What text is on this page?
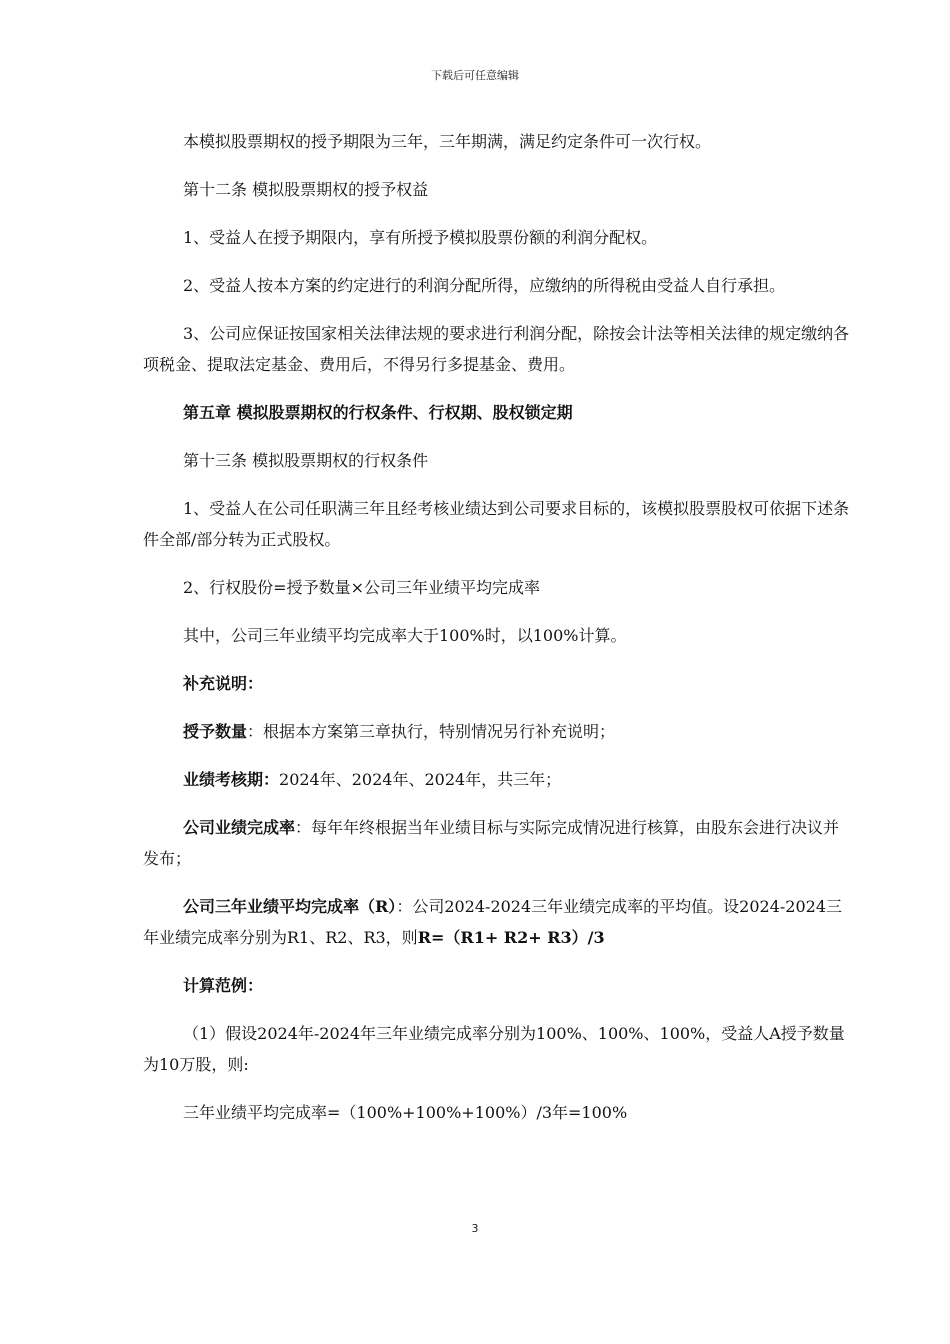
下载后可任意编辑

本模拟股票期权的授予期限为三年，三年期满，满足约定条件可一次行权。

第十二条 模拟股票期权的授予权益

1、受益人在授予期限内，享有所授予模拟股票份额的利润分配权。

2、受益人按本方案的约定进行的利润分配所得，应缴纳的所得税由受益人自行承担。

3、公司应保证按国家相关法律法规的要求进行利润分配，除按会计法等相关法律的规定缴纳各项税金、提取法定基金、费用后，不得另行多提基金、费用。

第五章 模拟股票期权的行权条件、行权期、股权锁定期

第十三条 模拟股票期权的行权条件

1、受益人在公司任职满三年且经考核业绩达到公司要求目标的，该模拟股票股权可依据下述条件全部/部分转为正式股权。

2、行权股份=授予数量×公司三年业绩平均完成率

其中，公司三年业绩平均完成率大于100%时，以100%计算。

补充说明：

授予数量：根据本方案第三章执行，特别情况另行补充说明；

业绩考核期：2024年、2024年、2024年，共三年；

公司业绩完成率：每年年终根据当年业绩目标与实际完成情况进行核算，由股东会进行决议并发布；

公司三年业绩平均完成率（R）：公司2024-2024三年业绩完成率的平均值。设2024-2024三年业绩完成率分别为R1、R2、R3，则R=（R1+ R2+ R3）/3

计算范例：

（1）假设2024年-2024年三年业绩完成率分别为100%、100%、100%，受益人A授予数量为10万股，则:

三年业绩平均完成率=（100%+100%+100%）/3年=100%

3
